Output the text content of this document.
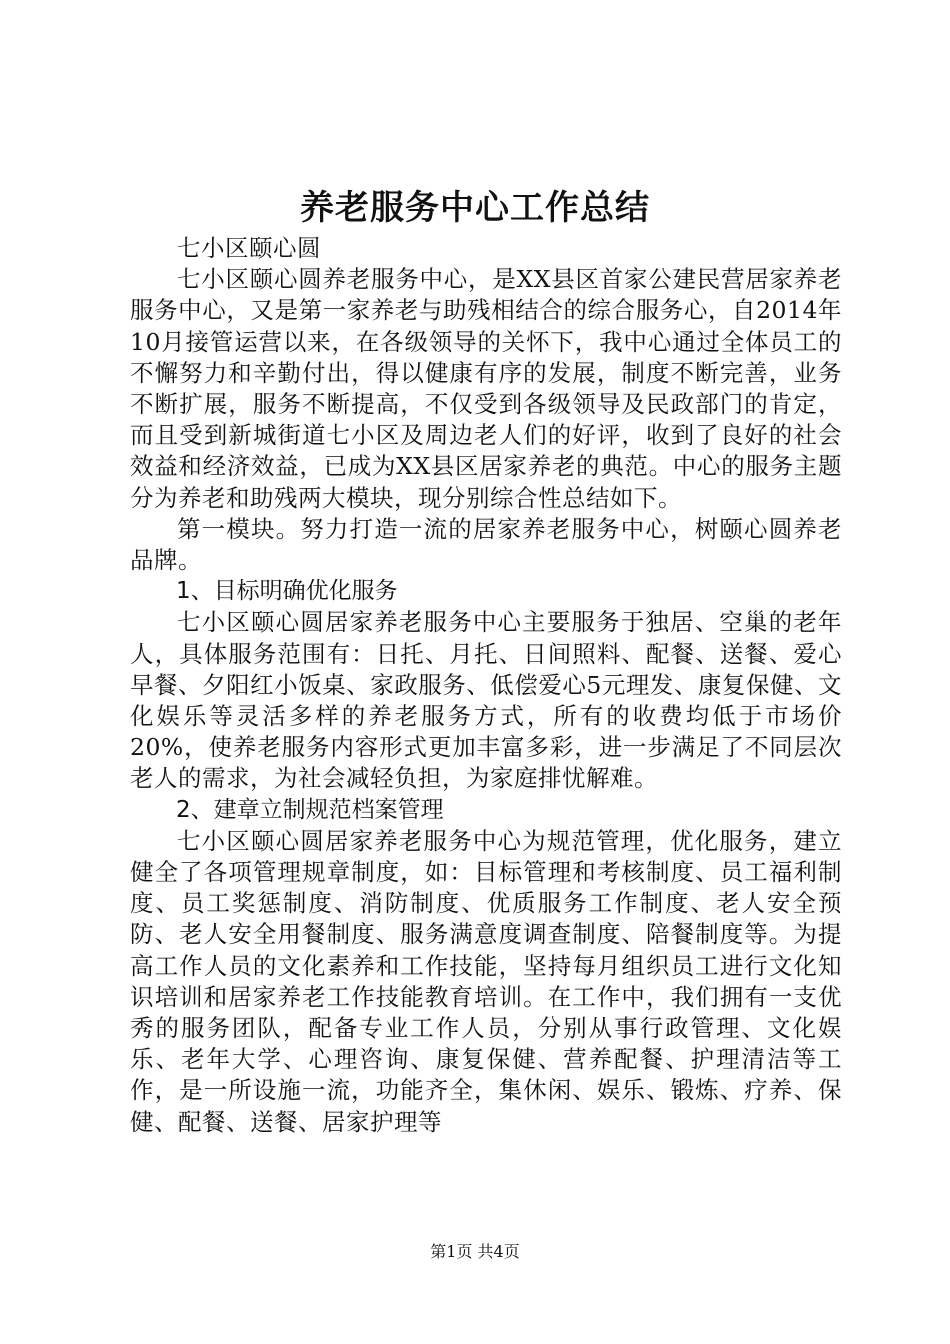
养老服务中心工作总结

七小区颐心圆

七小区颐心圆养老服务中心，是XX县区首家公建民营居家养老服务中心，又是第一家养老与助残相结合的综合服务心，自2014年10月接管运营以来，在各级领导的关怀下，我中心通过全体员工的不懈努力和辛勤付出，得以健康有序的发展，制度不断完善，业务不断扩展，服务不断提高，不仅受到各级领导及民政部门的肯定，而且受到新城街道七小区及周边老人们的好评，收到了良好的社会效益和经济效益，已成为XX县区居家养老的典范。中心的服务主题分为养老和助残两大模块，现分别综合性总结如下。

第一模块。努力打造一流的居家养老服务中心，树颐心圆养老品牌。

1、目标明确优化服务

七小区颐心圆居家养老服务中心主要服务于独居、空巢的老年人，具体服务范围有：日托、月托、日间照料、配餐、送餐、爱心早餐、夕阳红小饭桌、家政服务、低偿爱心5元理发、康复保健、文化娱乐等灵活多样的养老服务方式，所有的收费均低于市场价20%，使养老服务内容形式更加丰富多彩，进一步满足了不同层次老人的需求，为社会减轻负担，为家庭排忧解难。

2、建章立制规范档案管理

七小区颐心圆居家养老服务中心为规范管理，优化服务，建立健全了各项管理规章制度，如：目标管理和考核制度、员工福利制度、员工奖惩制度、消防制度、优质服务工作制度、老人安全预防、老人安全用餐制度、服务满意度调查制度、陪餐制度等。为提高工作人员的文化素养和工作技能，坚持每月组织员工进行文化知识培训和居家养老工作技能教育培训。在工作中，我们拥有一支优秀的服务团队，配备专业工作人员，分别从事行政管理、文化娱乐、老年大学、心理咨询、康复保健、营养配餐、护理清洁等工作，是一所设施一流，功能齐全，集休闲、娱乐、锻炼、疗养、保健、配餐、送餐、居家护理等

第1页 共4页
